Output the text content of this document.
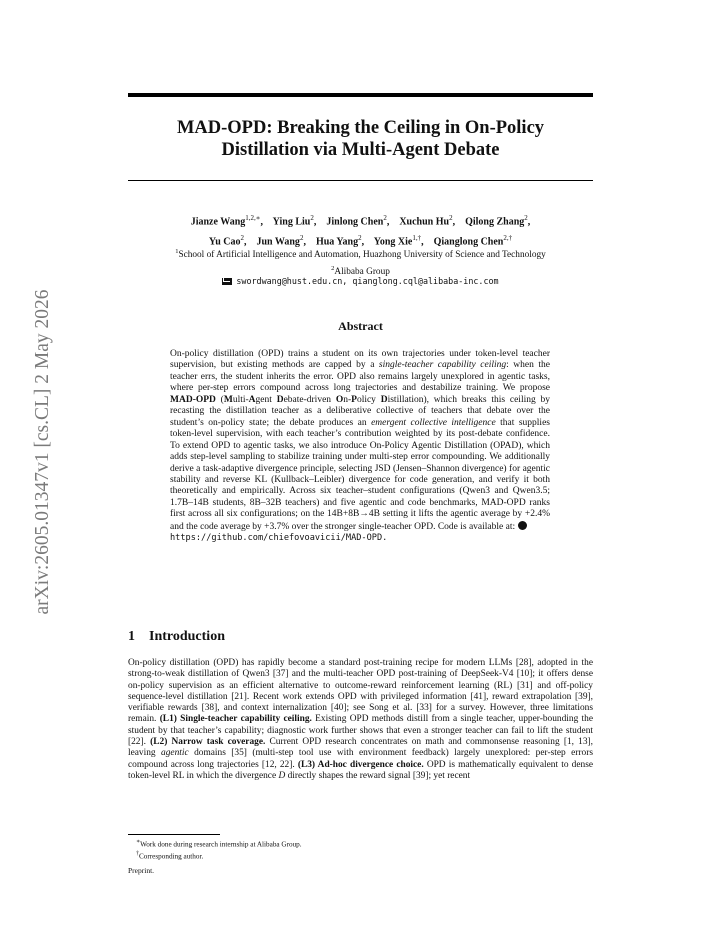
arXiv:2605.01347v1 [cs.CL] 2 May 2026
MAD-OPD: Breaking the Ceiling in On-Policy
Distillation via Multi-Agent Debate
Jianze Wang$^{1,2,∗}$,    Ying Liu$^2$,    Jinlong Chen$^2$,    Xuchun Hu$^2$,    Qilong Zhang$^2$,
Yu Cao$^2$,    Jun Wang$^2$,    Hua Yang$^2$,    Yong Xie$^{1,\dagger}$,    Qianglong Chen$^{2,\dagger}$
$^1$School of Artificial Intelligence and Automation, Huazhong University of Science and Technology
$^2$Alibaba Group
swordwang@hust.edu.cn, qianglong.cql@alibaba-inc.com
Abstract
On-policy distillation (OPD) trains a student on its own trajectories under token-level teacher supervision, but existing methods are capped by a single-teacher capability ceiling: when the teacher errs, the student inherits the error. OPD also remains largely unexplored in agentic tasks, where per-step errors compound across long trajectories and destabilize training. We propose MAD-OPD (Multi-Agent Debate-driven On-Policy Distillation), which breaks this ceiling by recasting the distillation teacher as a deliberative collective of teachers that debate over the student’s on-policy state; the debate produces an emergent collective intelligence that supplies token-level supervision, with each teacher’s contribution weighted by its post-debate confidence. To extend OPD to agentic tasks, we also introduce On-Policy Agentic Distillation (OPAD), which adds step-level sampling to stabilize training under multi-step error compounding. We additionally derive a task-adaptive divergence principle, selecting JSD (Jensen–Shannon divergence) for agentic stability and reverse KL (Kullback–Leibler) divergence for code generation, and verify it both theoretically and empirically. Across six teacher–student configurations (Qwen3 and Qwen3.5; 1.7B–14B students, 8B–32B teachers) and five agentic and code benchmarks, MAD-OPD ranks first across all six configurations; on the 14B+8B→4B setting it lifts the agentic average by +2.4% and the code average by +3.7% over the stronger single-teacher OPD. Code is available at:
https://github.com/chiefovoavicii/MAD-OPD.
1 Introduction
On-policy distillation (OPD) has rapidly become a standard post-training recipe for modern LLMs [28], adopted in the strong-to-weak distillation of Qwen3 [37] and the multi-teacher OPD post-training of DeepSeek-V4 [10]; it offers dense on-policy supervision as an efficient alternative to outcome-reward reinforcement learning (RL) [31] and off-policy sequence-level distillation [21]. Recent work extends OPD with privileged information [41], reward extrapolation [39], verifiable rewards [38], and context internalization [40]; see Song et al. [33] for a survey. However, three limitations remain. (L1) Single-teacher capability ceiling. Existing OPD methods distill from a single teacher, upper-bounding the student by that teacher’s capability; diagnostic work further shows that even a stronger teacher can fail to lift the student [22]. (L2) Narrow task coverage. Current OPD research concentrates on math and commonsense reasoning [1, 13], leaving agentic domains [35] (multi-step tool use with environment feedback) largely unexplored: per-step errors compound across long trajectories [12, 22]. (L3) Ad-hoc divergence choice. OPD is mathematically equivalent to dense token-level RL in which the divergence D directly shapes the reward signal [39]; yet recent
∗Work done during research internship at Alibaba Group.
†Corresponding author.
Preprint.
